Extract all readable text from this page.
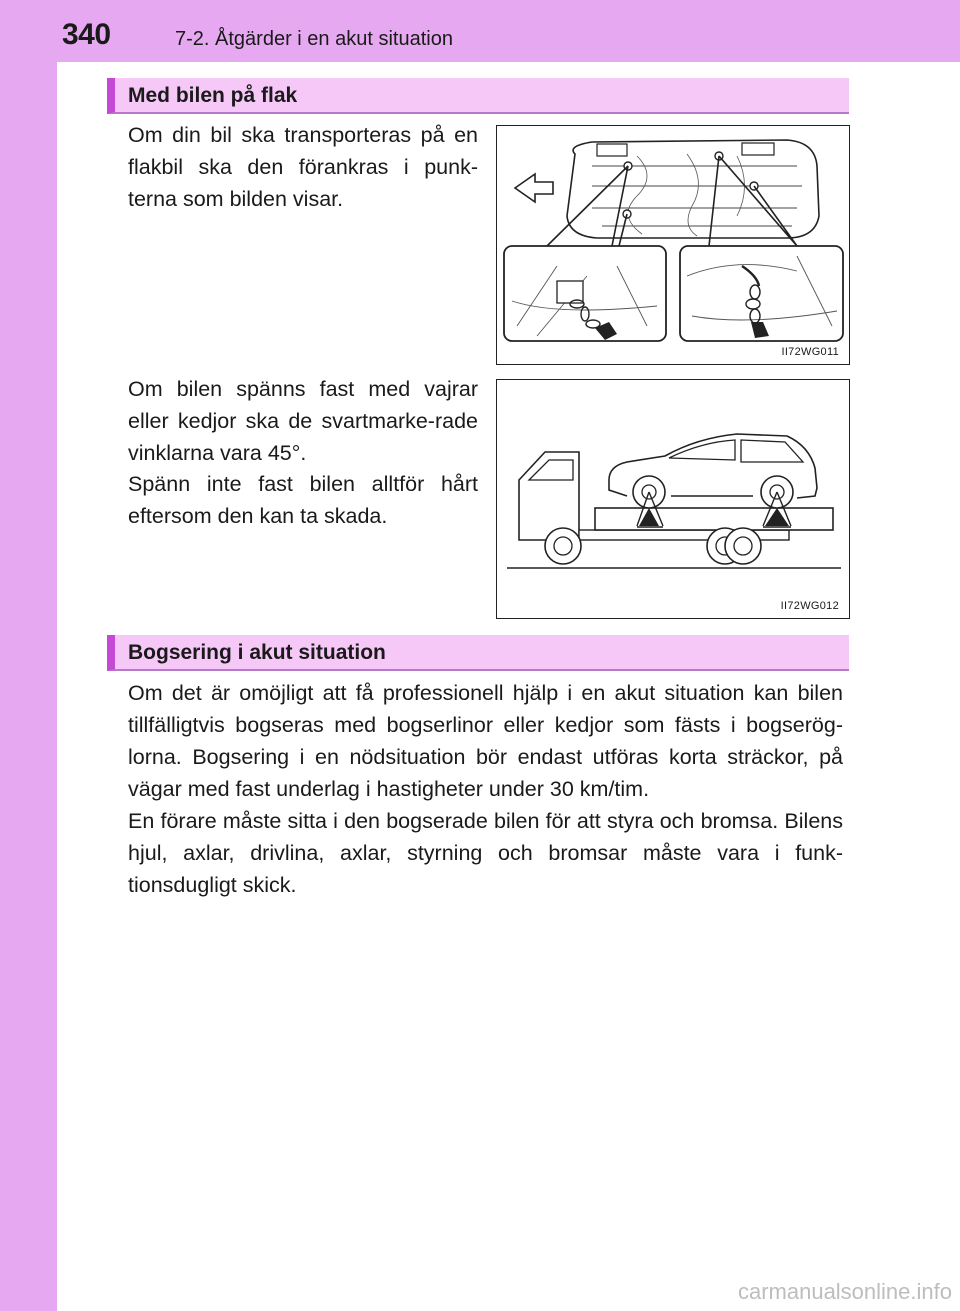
340	7-2. Åtgärder i en akut situation
Med bilen på flak

Om din bil ska transporteras på en flakbil ska den förankras i punk-terna som bilden visar.

II72WG011

Om bilen spänns fast med vajrar eller kedjor ska de svartmarke-rade vinklarna vara 45°.

Spänn inte fast bilen alltför hårt eftersom den kan ta skada.

II72WG012
Bogsering i akut situation

Om det är omöjligt att få professionell hjälp i en akut situation kan bilen tillfälligtvis bogseras med bogserlinor eller kedjor som fästs i bogserög-lorna. Bogsering i en nödsituation bör endast utföras korta sträckor, på vägar med fast underlag i hastigheter under 30 km/tim.

En förare måste sitta i den bogserade bilen för att styra och bromsa. Bilens hjul, axlar, drivlina, axlar, styrning och bromsar måste vara i funk-tionsdugligt skick.

carmanualsonline.info
